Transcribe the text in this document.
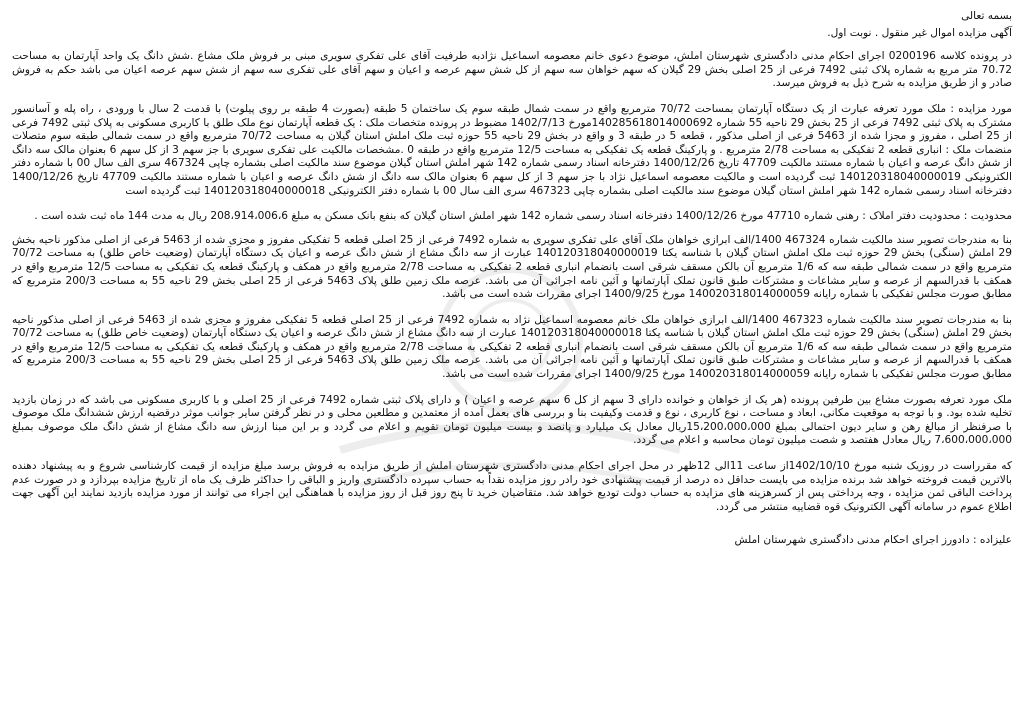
بسمه تعالی
آگهی مزایده اموال غیر منقول . نوبت اول.
در پرونده کلاسه 0200196 اجرای احکام مدنی دادگستری شهرستان املش، موضوع دعوی خانم معصومه اسماعیل نژادبه طرفیت آقای علی تفکری سویری مبنی بر فروش ملک مشاع .شش دانگ یک واحد آپارتمان به مساحت 70.72 متر مربع به شماره پلاک ثبتی 7492 فرعی از 25 اصلی بخش 29 گیلان که سهم خواهان سه سهم از کل شش سهم عرصه و اعیان و سهم آقای علی تفکری سه سهم از شش سهم عرصه اعیان می باشد حکم به فروش صادر و از طریق مزایده به شرح ذیل به فروش میرسد.
مورد مزایده : ملک مورد تعرفه عبارت از یک دستگاه آپارتمان بمساحت 70/72 مترمربع واقع در سمت شمال طبقه سوم یک ساختمان 5 طبقه (بصورت 4 طبقه بر روی پیلوت) با قدمت 2 سال با ورودی ، راه پله و آسانسور مشترک به پلاک ثبتی 7492 فرعی از 25 بخش 29 ناحیه 55 شماره 140285618014000692مورخ 1402/7/13 مضبوط در پرونده متخصات ملک : یک قطعه آپارتمان نوع ملک طلق با کاربری مسکونی به پلاک ثبتی 7492 فرعی از 25 اصلی ، مفروز و مجزا شده از 5463 فرعی از اصلی مذکور ، قطعه 5 در طبقه 3 و واقع در بخش 29 ناحیه 55 حوزه ثبت ملک املش استان گیلان به مساحت 70/72 مترمربع واقع در سمت شمالی طبقه سوم متصلات منضمات ملک : انباری قطعه 2 تفکیکی به مساحت 2/78 مترمربع . و پارکینگ قطعه یک تفکیکی به مساحت 12/5 مترمربع واقع در طبقه 0 .مشخصات مالکیت علی تفکری سویری با جز سهم 3 از کل سهم 6 بعنوان مالک سه دانگ از شش دانگ عرصه و اعیان با شماره مستند مالکیت 47709 تاریخ 1400/12/26 دفترخانه اسناد رسمی شماره 142 شهر املش استان گیلان موضوع سند مالکیت اصلی بشماره چاپی 467324 سری الف سال 00 با شماره دفتر الکترونیکی 140120318040000019 ثبت گردیده است و مالکیت معصومه اسماعیل نژاد با جز سهم 3 از کل سهم 6 بعنوان مالک سه دانگ از شش دانگ عرصه و اعیان با شماره مستند مالکیت 47709 تاریخ 1400/12/26 دفترخانه اسناد رسمی شماره 142 شهر املش استان گیلان موضوع سند مالکیت اصلی بشماره چاپی 467323 سری الف سال 00 با شماره دفتر الکترونیکی 140120318040000018 ثبت گردیده است
محدودیت : محدودیت دفتر املاک : رهنی شماره 47710 مورخ 1400/12/26 دفترخانه اسناد رسمی شماره 142 شهر املش استان گیلان که بنفع بانک مسکن به مبلغ 208،914،006،6 ریال به مدت 144 ماه ثبت شده است .
بنا به مندرجات تصویر سند مالکیت شماره 467324 1400/الف ابرازی خواهان ملک آقای علی تفکری سویری به شماره 7492 فرعی از 25 اصلی قطعه 5 تفکیکی مفروز و مجزی شده از 5463 فرعی از اصلی مذکور ناحیه بخش 29 املش (سنگی) بخش 29 حوزه ثبت ملک املش استان گیلان با شناسه یکتا 140120318040000019 عبارت از سه دانگ مشاع از شش دانگ عرصه و اعیان یک دستگاه آپارتمان (وضعیت خاص طلق) به مساحت 70/72 مترمربع واقع در سمت شمالی طبقه سه که 1/6 مترمربع آن بالکن مسقف شرقی است بانضمام انباری قطعه 2 تفکیکی به مساحت 2/78 مترمربع واقع در همکف و پارکینگ قطعه یک تفکیکی به مساحت 12/5 مترمربع واقع در همکف با قدرالسهم از عرصه و سایر مشاعات و مشترکات طبق قانون تملک آپارتمانها و آئین نامه اجرائی آن می باشد. عرصه ملک زمین طلق پلاک 5463 فرعی از 25 اصلی بخش 29 ناحیه 55 به مساحت 200/3 مترمربع که مطابق صورت مجلس تفکیکی با شماره رایانه 140020318014000059 مورخ 1400/9/25 اجرای مقررات شده است می باشد.
بنا به مندرجات تصویر سند مالکیت شماره 467323 1400/الف ابرازی خواهان ملک خانم معصومه اسماعیل نژاد به شماره 7492 فرعی از 25 اصلی قطعه 5 تفکیکی مفروز و مجزی شده از 5463 فرعی از اصلی مذکور ناحیه بخش 29 املش (سنگی) بخش 29 حوزه ثبت ملک املش استان گیلان با شناسه یکتا 140120318040000018 عبارت از سه دانگ مشاع از شش دانگ عرصه و اعیان یک دستگاه آپارتمان (وضعیت خاص طلق) به مساحت 70/72 مترمربع واقع در سمت شمالی طبقه سه که 1/6 مترمربع آن بالکن مسقف شرقی است بانضمام انباری قطعه 2 تفکیکی به مساحت 2/78 مترمربع واقع در همکف و پارکینگ قطعه یک تفکیکی به مساحت 12/5 مترمربع واقع در همکف با قدرالسهم از عرصه و سایر مشاعات و مشترکات طبق قانون تملک آپارتمانها و آئین نامه اجرائی آن می باشد. عرصه ملک زمین طلق پلاک 5463 فرعی از 25 اصلی بخش 29 ناحیه 55 به مساحت 200/3 مترمربع که مطابق صورت مجلس تفکیکی با شماره رایانه 140020318014000059 مورخ 1400/9/25 اجرای مقررات شده است می باشد.
ملک مورد تعرفه بصورت مشاع بین طرفین پرونده (هر یک از خواهان و خوانده دارای 3 سهم از کل 6 سهم عرصه و اعیان ) و دارای پلاک ثبتی شماره 7492 فرعی از 25 اصلی و با کاربری مسکونی می باشد که در زمان بازدید تخلیه شده بود. و با توجه به موقعیت مکانی، ابعاد و مساحت ، نوع کاربری ، نوع و قدمت وکیفیت بنا و بررسی های بعمل آمده از معتمدین و مطلعین محلی و در نظر گرفتن سایر جوانب موثر درقضیه ارزش ششدانگ ملک موصوف با صرفنظر از مبالغ رهن و سایر دیون احتمالی بمبلغ 15،200،000،000ریال معادل یک میلیارد و پانصد و بیست میلیون تومان تقویم و اعلام می گردد و بر این مبنا ارزش سه دانگ مشاع از شش دانگ ملک موصوف بمبلغ 7،600،000،000 ریال معادل هفتصد و شصت میلیون تومان محاسبه و اعلام می گردد.
که مقرراست در روزیک شنبه مورخ 1402/10/10از ساعت 11الی 12ظهر در محل اجرای احکام مدنی دادگستری شهرستان املش از طریق مزایده به فروش برسد مبلغ مزایده از قیمت کارشناسی شروع و به پیشنهاد دهنده بالاترین قیمت فروخته خواهد شد برنده مزایده می بایست حداقل ده درصد از قیمت پیشنهادی خود رادر روز مزایده نقداً به حساب سپرده دادگستری واریز و الباقی را حداکثر ظرف یک ماه از تاریخ مزایده بپردازد و در صورت عدم پرداخت الباقی ثمن مزایده ، وجه پرداختی پس از کسرهزینه های مزایده به حساب دولت تودیع خواهد شد. متقاضیان خرید تا پنج روز قبل از روز مزایده با هماهنگی این اجراء می توانند از مورد مزایده بازدید نمایند این آگهی جهت اطلاع عموم در سامانه آگهی الکترونیک قوه قضاییه منتشر می گردد.
علیزاده : دادورز اجرای احکام مدنی دادگستری شهرستان املش
